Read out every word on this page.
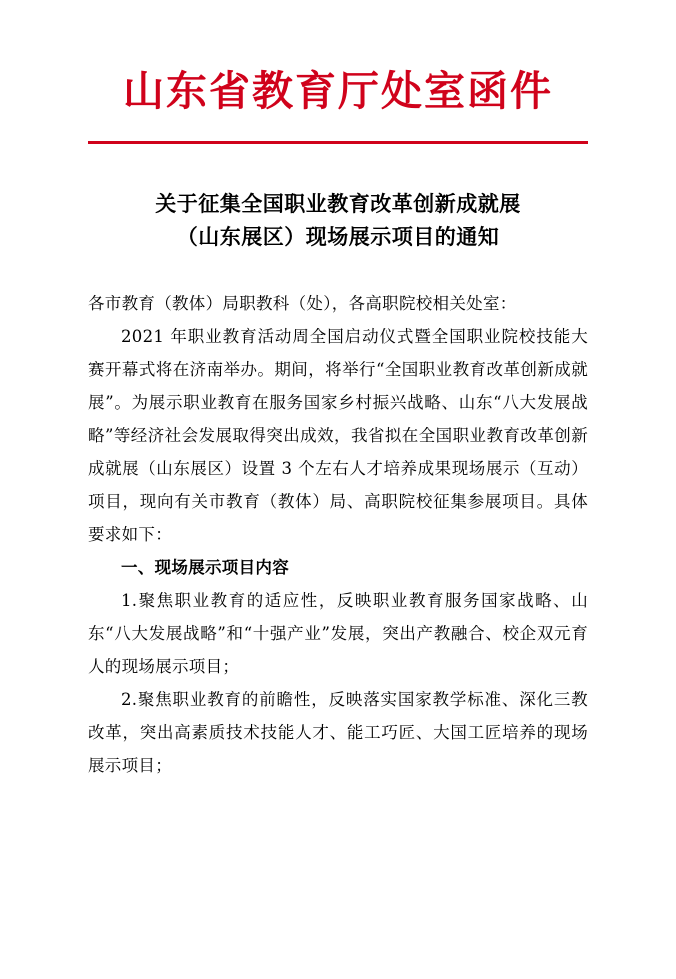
山东省教育厅处室函件
关于征集全国职业教育改革创新成就展
（山东展区）现场展示项目的通知

各市教育（教体）局职教科（处），各高职院校相关处室：

2021 年职业教育活动周全国启动仪式暨全国职业院校技能大赛开幕式将在济南举办。期间，将举行“全国职业教育改革创新成就展”。为展示职业教育在服务国家乡村振兴战略、山东“八大发展战略”等经济社会发展取得突出成效，我省拟在全国职业教育改革创新成就展（山东展区）设置 3 个左右人才培养成果现场展示（互动）项目，现向有关市教育（教体）局、高职院校征集参展项目。具体要求如下：

一、现场展示项目内容

1.聚焦职业教育的适应性，反映职业教育服务国家战略、山东“八大发展战略”和“十强产业”发展，突出产教融合、校企双元育人的现场展示项目；

2.聚焦职业教育的前瞻性，反映落实国家教学标准、深化三教改革，突出高素质技术技能人才、能工巧匠、大国工匠培养的现场展示项目；
